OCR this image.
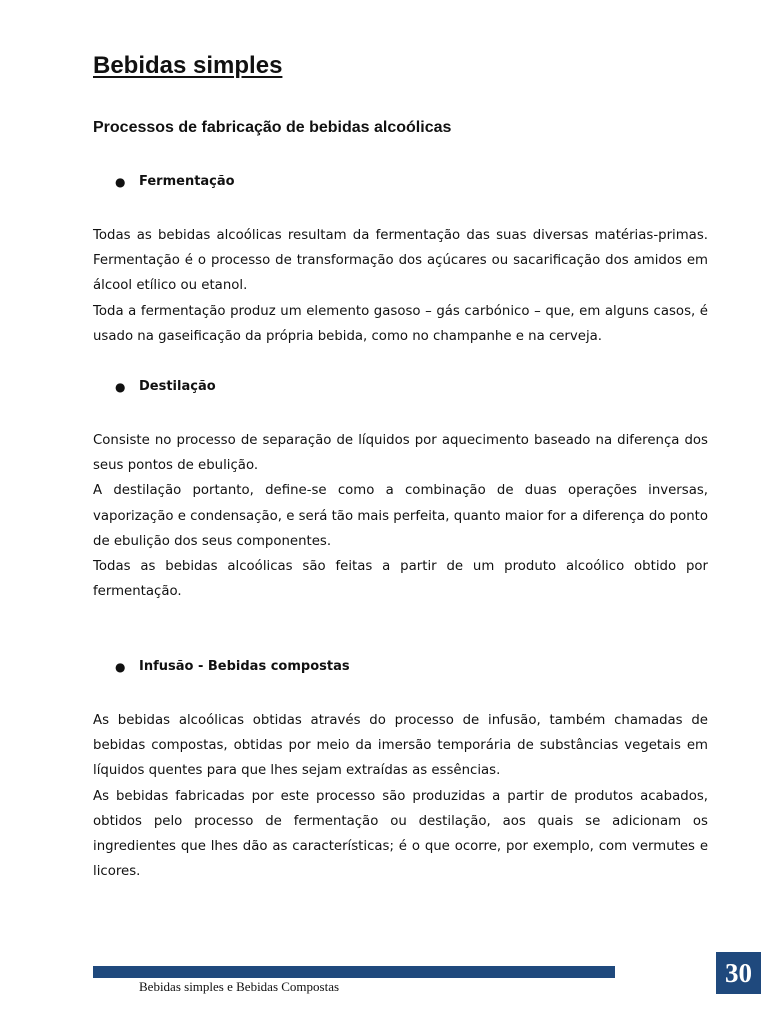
Bebidas simples
Processos de fabricação de bebidas alcoólicas
●	Fermentação

Todas as bebidas alcoólicas resultam da fermentação das suas diversas matérias-primas. Fermentação é o processo de transformação dos açúcares ou sacarificação dos amidos em álcool etílico ou etanol.

Toda a fermentação produz um elemento gasoso – gás carbónico – que, em alguns casos, é usado na gaseificação da própria bebida, como no champanhe e na cerveja.

●	Destilação

Consiste no processo de separação de líquidos por aquecimento baseado na diferença dos seus pontos de ebulição.

A destilação portanto, define-se como a combinação de duas operações inversas, vaporização e condensação, e será tão mais perfeita, quanto maior for a diferença do ponto de ebulição dos seus componentes.

Todas as bebidas alcoólicas são feitas a partir de um produto alcoólico obtido por fermentação.

●	Infusão - Bebidas compostas

As bebidas alcoólicas obtidas através do processo de infusão, também chamadas de bebidas compostas, obtidas por meio da imersão temporária de substâncias vegetais em líquidos quentes para que lhes sejam extraídas as essências.

As bebidas fabricadas por este processo são produzidas a partir de produtos acabados, obtidos pelo processo de fermentação ou destilação, aos quais se adicionam os ingredientes que lhes dão as características; é o que ocorre, por exemplo, com vermutes e licores.

Bebidas simples e Bebidas Compostas	30
